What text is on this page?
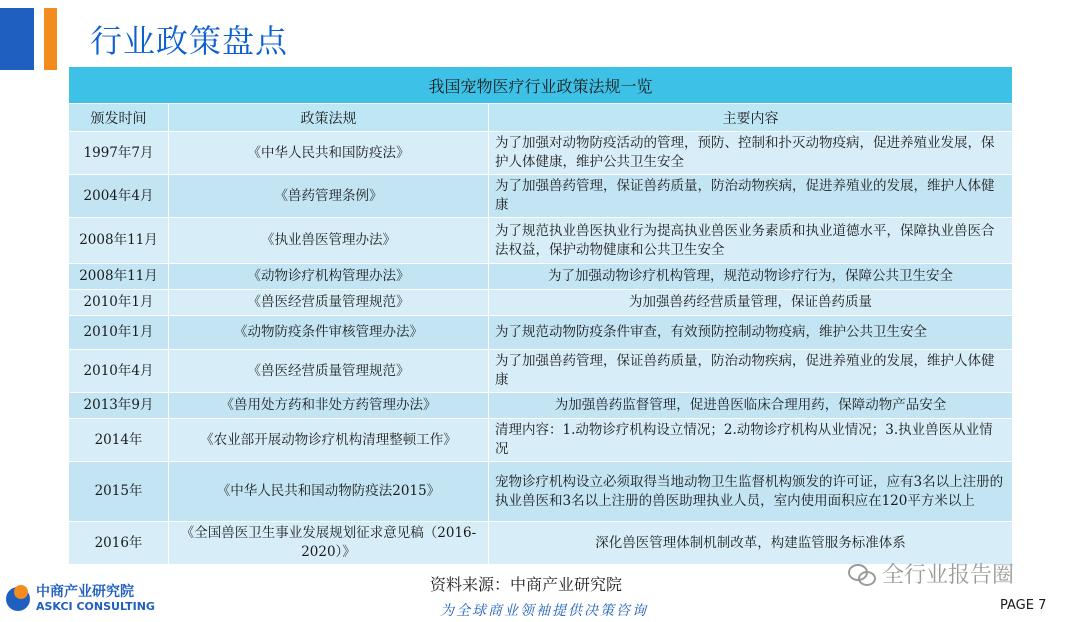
行业政策盘点
我国宠物医疗行业政策法规一览		
颁发时间	政策法规	主要内容
1997年7月	《中华人民共和国防疫法》	为了加强对动物防疫活动的管理，预防、控制和扑灭动物疫病，促进养殖业发展，保护人体健康，维护公共卫生安全
2004年4月	《兽药管理条例》	为了加强兽药管理，保证兽药质量，防治动物疾病，促进养殖业的发展，维护人体健康
2008年11月	《执业兽医管理办法》	为了规范执业兽医执业行为提高执业兽医业务素质和执业道德水平，保障执业兽医合法权益，保护动物健康和公共卫生安全
2008年11月	《动物诊疗机构管理办法》	为了加强动物诊疗机构管理，规范动物诊疗行为，保障公共卫生安全
2010年1月	《兽医经营质量管理规范》	为加强兽药经营质量管理，保证兽药质量
2010年1月	《动物防疫条件审核管理办法》	为了规范动物防疫条件审查，有效预防控制动物疫病，维护公共卫生安全
2010年4月	《兽医经营质量管理规范》	为了加强兽药管理，保证兽药质量，防治动物疾病，促进养殖业的发展，维护人体健康
2013年9月	《兽用处方药和非处方药管理办法》	为加强兽药监督管理，促进兽医临床合理用药，保障动物产品安全
2014年	《农业部开展动物诊疗机构清理整顿工作》	清理内容：1.动物诊疗机构设立情况；2.动物诊疗机构从业情况；3.执业兽医从业情况
2015年	《中华人民共和国动物防疫法2015》	宠物诊疗机构设立必须取得当地动物卫生监督机构颁发的许可证，应有3名以上注册的执业兽医和3名以上注册的兽医助理执业人员，室内使用面积应在120平方米以上
2016年	《全国兽医卫生事业发展规划征求意见稿（2016-2020）》	深化兽医管理体制机制改革，构建监管服务标准体系
全行业报告圈
中商产业研究院
ASKCI CONSULTING
资料来源：中商产业研究院
为全球商业领袖提供决策咨询	PAGE 7
